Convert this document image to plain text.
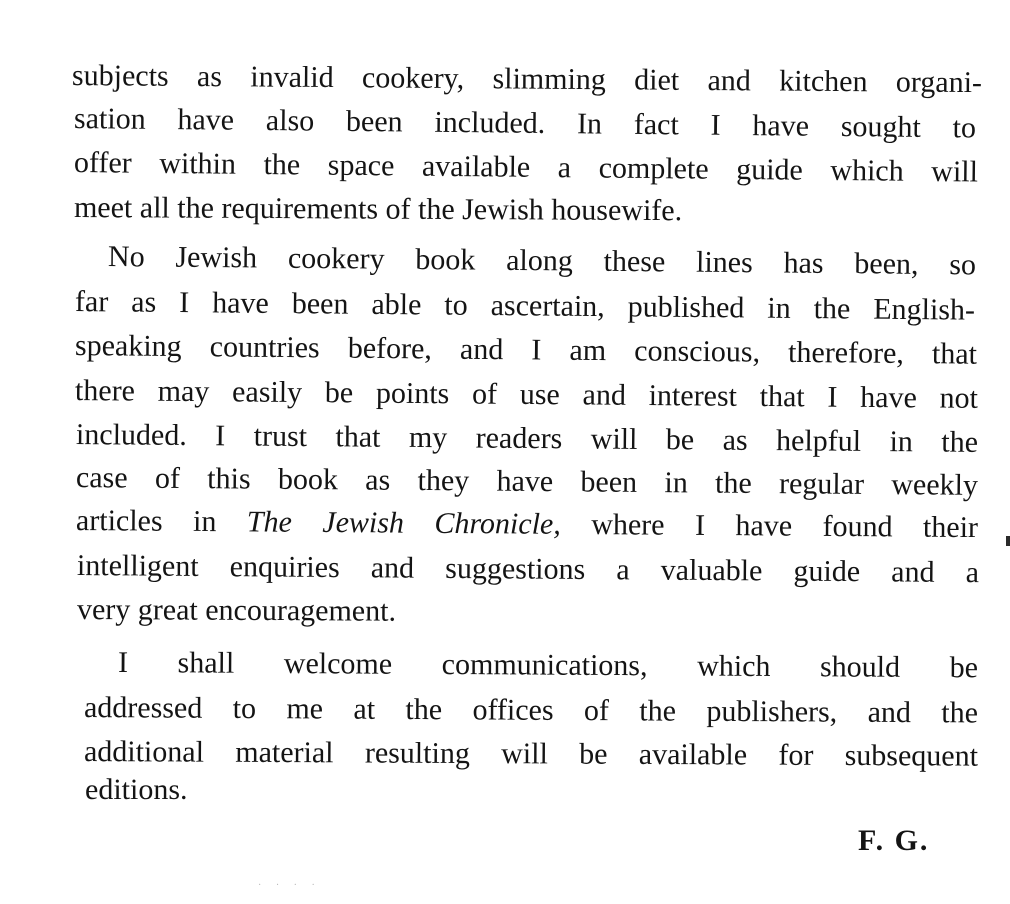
subjects as invalid cookery, slimming diet and kitchen organi-
sation have also been included. In fact I have sought to
offer within the space available a complete guide which will
meet all the requirements of the Jewish housewife.
No Jewish cookery book along these lines has been, so
far as I have been able to ascertain, published in the English-
speaking countries before, and I am conscious, therefore, that
there may easily be points of use and interest that I have not
included. I trust that my readers will be as helpful in the
case of this book as they have been in the regular weekly
articles in The Jewish Chronicle, where I have found their
intelligent enquiries and suggestions a valuable guide and a
very great encouragement.
I shall welcome communications, which should be
addressed to me at the offices of the publishers, and the
additional material resulting will be available for subsequent
editions.
F. G.
· · · ·
